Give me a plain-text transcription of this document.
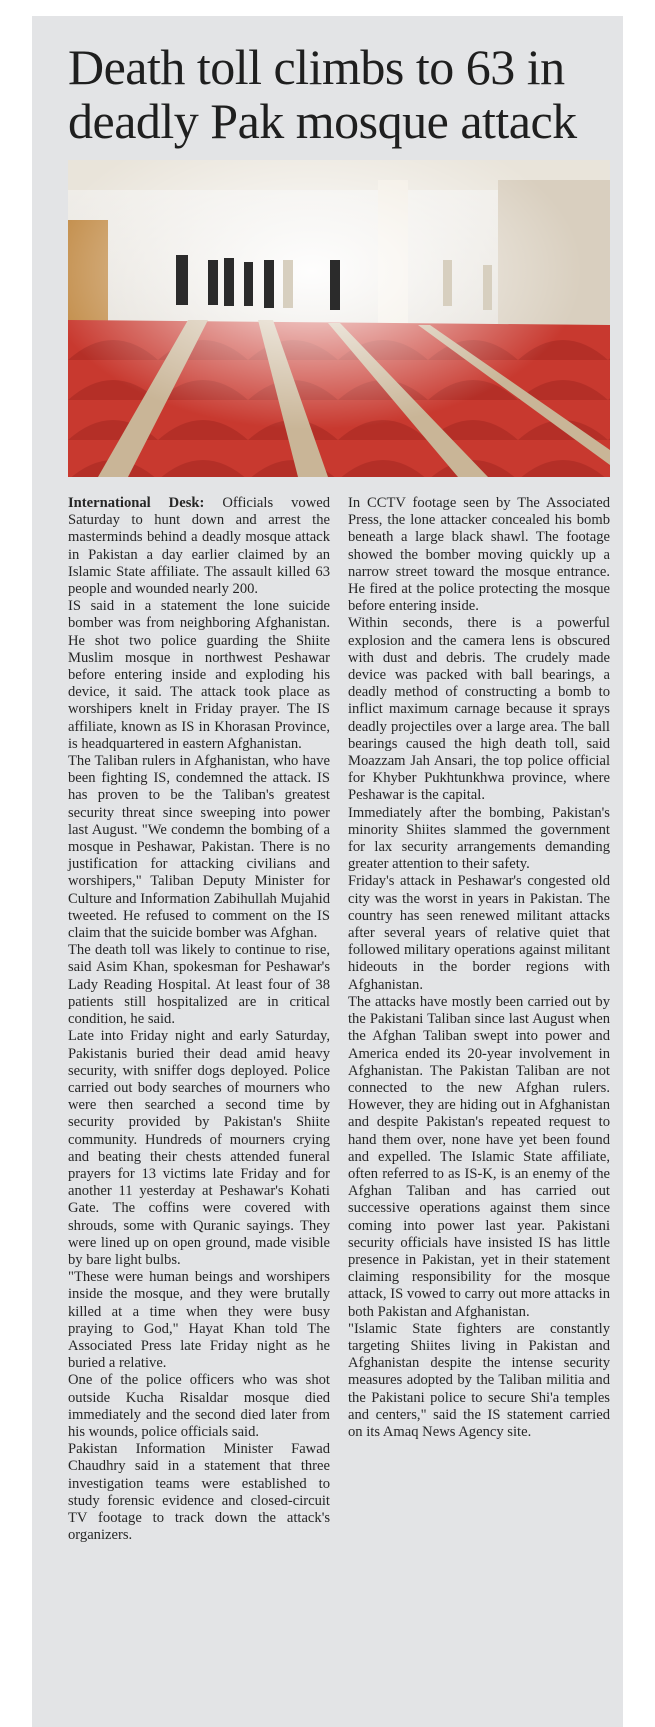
Death toll climbs to 63 in deadly Pak mosque attack

International Desk: Officials vowed Saturday to hunt down and arrest the masterminds behind a deadly mosque attack in Pakistan a day earlier claimed by an Islamic State affiliate. The assault killed 63 people and wounded nearly 200.

IS said in a statement the lone suicide bomber was from neighboring Afghanistan. He shot two police guarding the Shiite Muslim mosque in northwest Peshawar before entering inside and exploding his device, it said. The attack took place as worshipers knelt in Friday prayer. The IS affiliate, known as IS in Khorasan Province, is headquartered in eastern Afghanistan.

The Taliban rulers in Afghanistan, who have been fighting IS, condemned the attack. IS has proven to be the Taliban's greatest security threat since sweeping into power last August. "We condemn the bombing of a mosque in Peshawar, Pakistan. There is no justification for attacking civilians and worshipers," Taliban Deputy Minister for Culture and Information Zabihullah Mujahid tweeted. He refused to comment on the IS claim that the suicide bomber was Afghan.

The death toll was likely to continue to rise, said Asim Khan, spokesman for Peshawar's Lady Reading Hospital. At least four of 38 patients still hospitalized are in critical condition, he said.

Late into Friday night and early Saturday, Pakistanis buried their dead amid heavy security, with sniffer dogs deployed. Police carried out body searches of mourners who were then searched a second time by security provided by Pakistan's Shiite community. Hundreds of mourners crying and beating their chests attended funeral prayers for 13 victims late Friday and for another 11 yesterday at Peshawar's Kohati Gate. The coffins were covered with shrouds, some with Quranic sayings. They were lined up on open ground, made visible by bare light bulbs.

"These were human beings and worshipers inside the mosque, and they were brutally killed at a time when they were busy praying to God," Hayat Khan told The Associated Press late Friday night as he buried a relative.

One of the police officers who was shot outside Kucha Risaldar mosque died immediately and the second died later from his wounds, police officials said.

Pakistan Information Minister Fawad Chaudhry said in a statement that three investigation teams were established to study forensic evidence and closed-circuit TV footage to track down the attack's organizers.

In CCTV footage seen by The Associated Press, the lone attacker concealed his bomb beneath a large black shawl. The footage showed the bomber moving quickly up a narrow street toward the mosque entrance. He fired at the police protecting the mosque before entering inside.

Within seconds, there is a powerful explosion and the camera lens is obscured with dust and debris. The crudely made device was packed with ball bearings, a deadly method of constructing a bomb to inflict maximum carnage because it sprays deadly projectiles over a large area. The ball bearings caused the high death toll, said Moazzam Jah Ansari, the top police official for Khyber Pukhtunkhwa province, where Peshawar is the capital.

Immediately after the bombing, Pakistan's minority Shiites slammed the government for lax security arrangements demanding greater attention to their safety.

Friday's attack in Peshawar's congested old city was the worst in years in Pakistan. The country has seen renewed militant attacks after several years of relative quiet that followed military operations against militant hideouts in the border regions with Afghanistan.

The attacks have mostly been carried out by the Pakistani Taliban since last August when the Afghan Taliban swept into power and America ended its 20-year involvement in Afghanistan. The Pakistan Taliban are not connected to the new Afghan rulers. However, they are hiding out in Afghanistan and despite Pakistan's repeated request to hand them over, none have yet been found and expelled. The Islamic State affiliate, often referred to as IS-K, is an enemy of the Afghan Taliban and has carried out successive operations against them since coming into power last year. Pakistani security officials have insisted IS has little presence in Pakistan, yet in their statement claiming responsibility for the mosque attack, IS vowed to carry out more attacks in both Pakistan and Afghanistan.

"Islamic State fighters are constantly targeting Shiites living in Pakistan and Afghanistan despite the intense security measures adopted by the Taliban militia and the Pakistani police to secure Shi'a temples and centers," said the IS statement carried on its Amaq News Agency site.
